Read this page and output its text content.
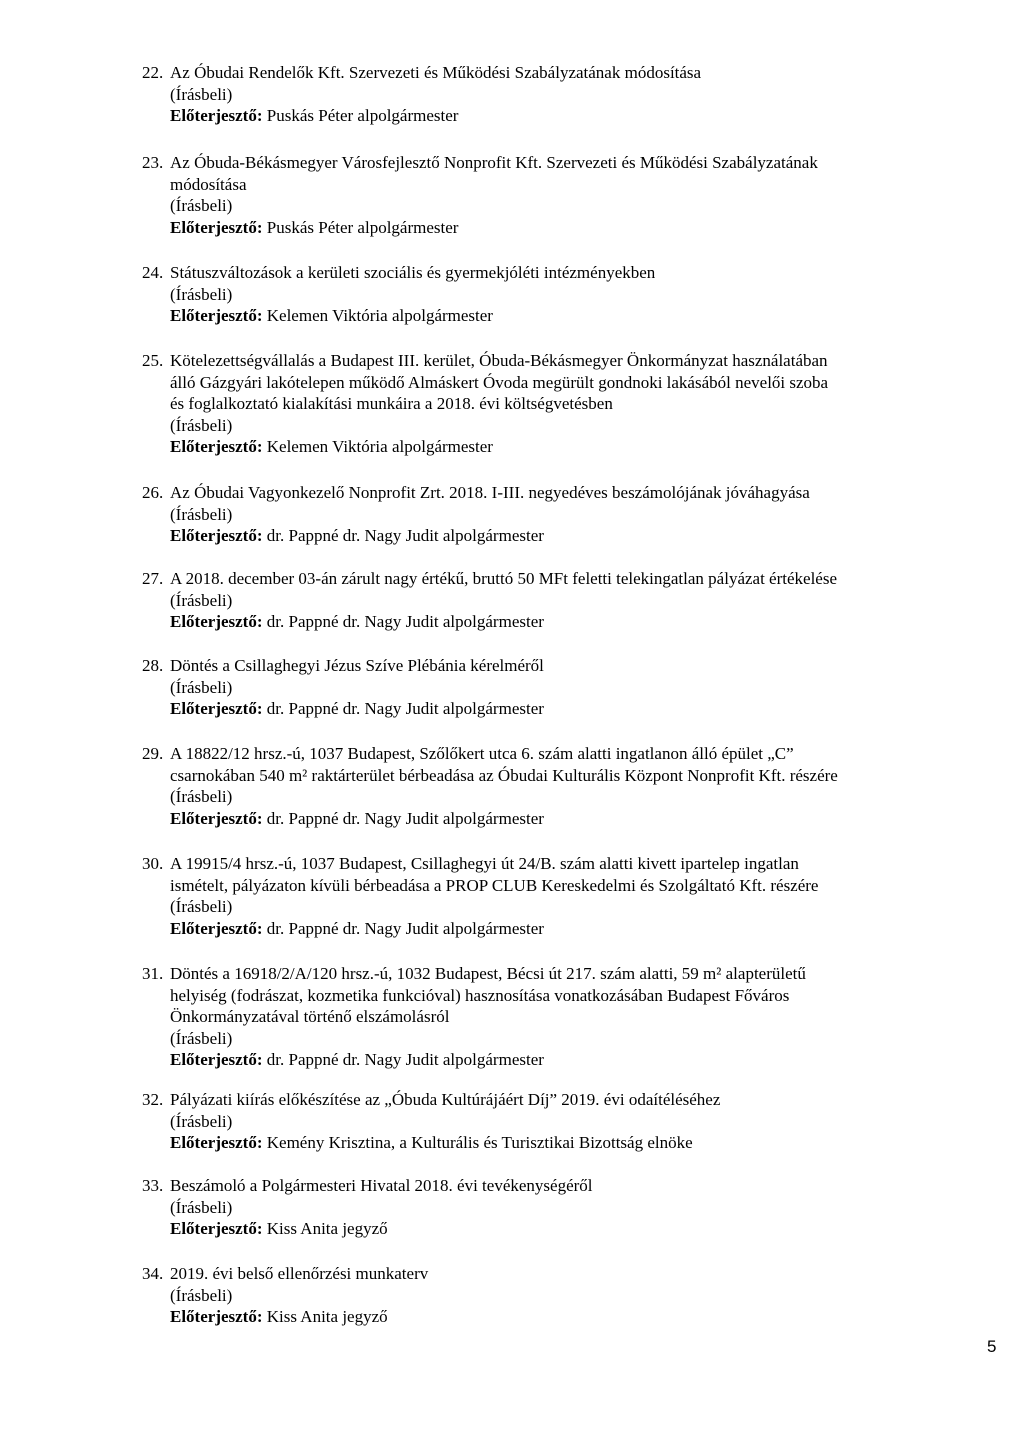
22. Az Óbudai Rendelők Kft. Szervezeti és Működési Szabályzatának módosítása
(Írásbeli)
Előterjesztő: Puskás Péter alpolgármester
23. Az Óbuda-Békásmegyer Városfejlesztő Nonprofit Kft. Szervezeti és Működési Szabályzatának
módosítása
(Írásbeli)
Előterjesztő: Puskás Péter alpolgármester
24. Státuszváltozások a kerületi szociális és gyermekjóléti intézményekben
(Írásbeli)
Előterjesztő: Kelemen Viktória alpolgármester
25. Kötelezettségvállalás a Budapest III. kerület, Óbuda-Békásmegyer Önkormányzat használatában
álló Gázgyári lakótelepen működő Almáskert Óvoda megürült gondnoki lakásából nevelői szoba
és foglalkoztató kialakítási munkáira a 2018. évi költségvetésben
(Írásbeli)
Előterjesztő: Kelemen Viktória alpolgármester
26. Az Óbudai Vagyonkezelő Nonprofit Zrt. 2018. I-III. negyedéves beszámolójának jóváhagyása
(Írásbeli)
Előterjesztő: dr. Pappné dr. Nagy Judit alpolgármester
27. A 2018. december 03-án zárult nagy értékű, bruttó 50 MFt feletti telekingatlan pályázat értékelése
(Írásbeli)
Előterjesztő: dr. Pappné dr. Nagy Judit alpolgármester
28. Döntés a Csillaghegyi Jézus Szíve Plébánia kérelméről
(Írásbeli)
Előterjesztő: dr. Pappné dr. Nagy Judit alpolgármester
29. A 18822/12 hrsz.-ú, 1037 Budapest, Szőlőkert utca 6. szám alatti ingatlanon álló épület „C”
csarnokában 540 m² raktárterület bérbeadása az Óbudai Kulturális Központ Nonprofit Kft. részére
(Írásbeli)
Előterjesztő: dr. Pappné dr. Nagy Judit alpolgármester
30. A 19915/4 hrsz.-ú, 1037 Budapest, Csillaghegyi út 24/B. szám alatti kivett ipartelep ingatlan
ismételt, pályázaton kívüli bérbeadása a PROP CLUB Kereskedelmi és Szolgáltató Kft. részére
(Írásbeli)
Előterjesztő: dr. Pappné dr. Nagy Judit alpolgármester
31. Döntés a 16918/2/A/120 hrsz.-ú, 1032 Budapest, Bécsi út 217. szám alatti, 59 m² alapterületű
helyiség (fodrászat, kozmetika funkcióval) hasznosítása vonatkozásában Budapest Főváros
Önkormányzatával történő elszámolásról
(Írásbeli)
Előterjesztő: dr. Pappné dr. Nagy Judit alpolgármester
32. Pályázati kiírás előkészítése az „Óbuda Kultúrájáért Díj” 2019. évi odaítéléséhez
(Írásbeli)
Előterjesztő: Kemény Krisztina, a Kulturális és Turisztikai Bizottság elnöke
33. Beszámoló a Polgármesteri Hivatal 2018. évi tevékenységéről
(Írásbeli)
Előterjesztő: Kiss Anita jegyző
34. 2019. évi belső ellenőrzési munkaterv
(Írásbeli)
Előterjesztő: Kiss Anita jegyző
5
